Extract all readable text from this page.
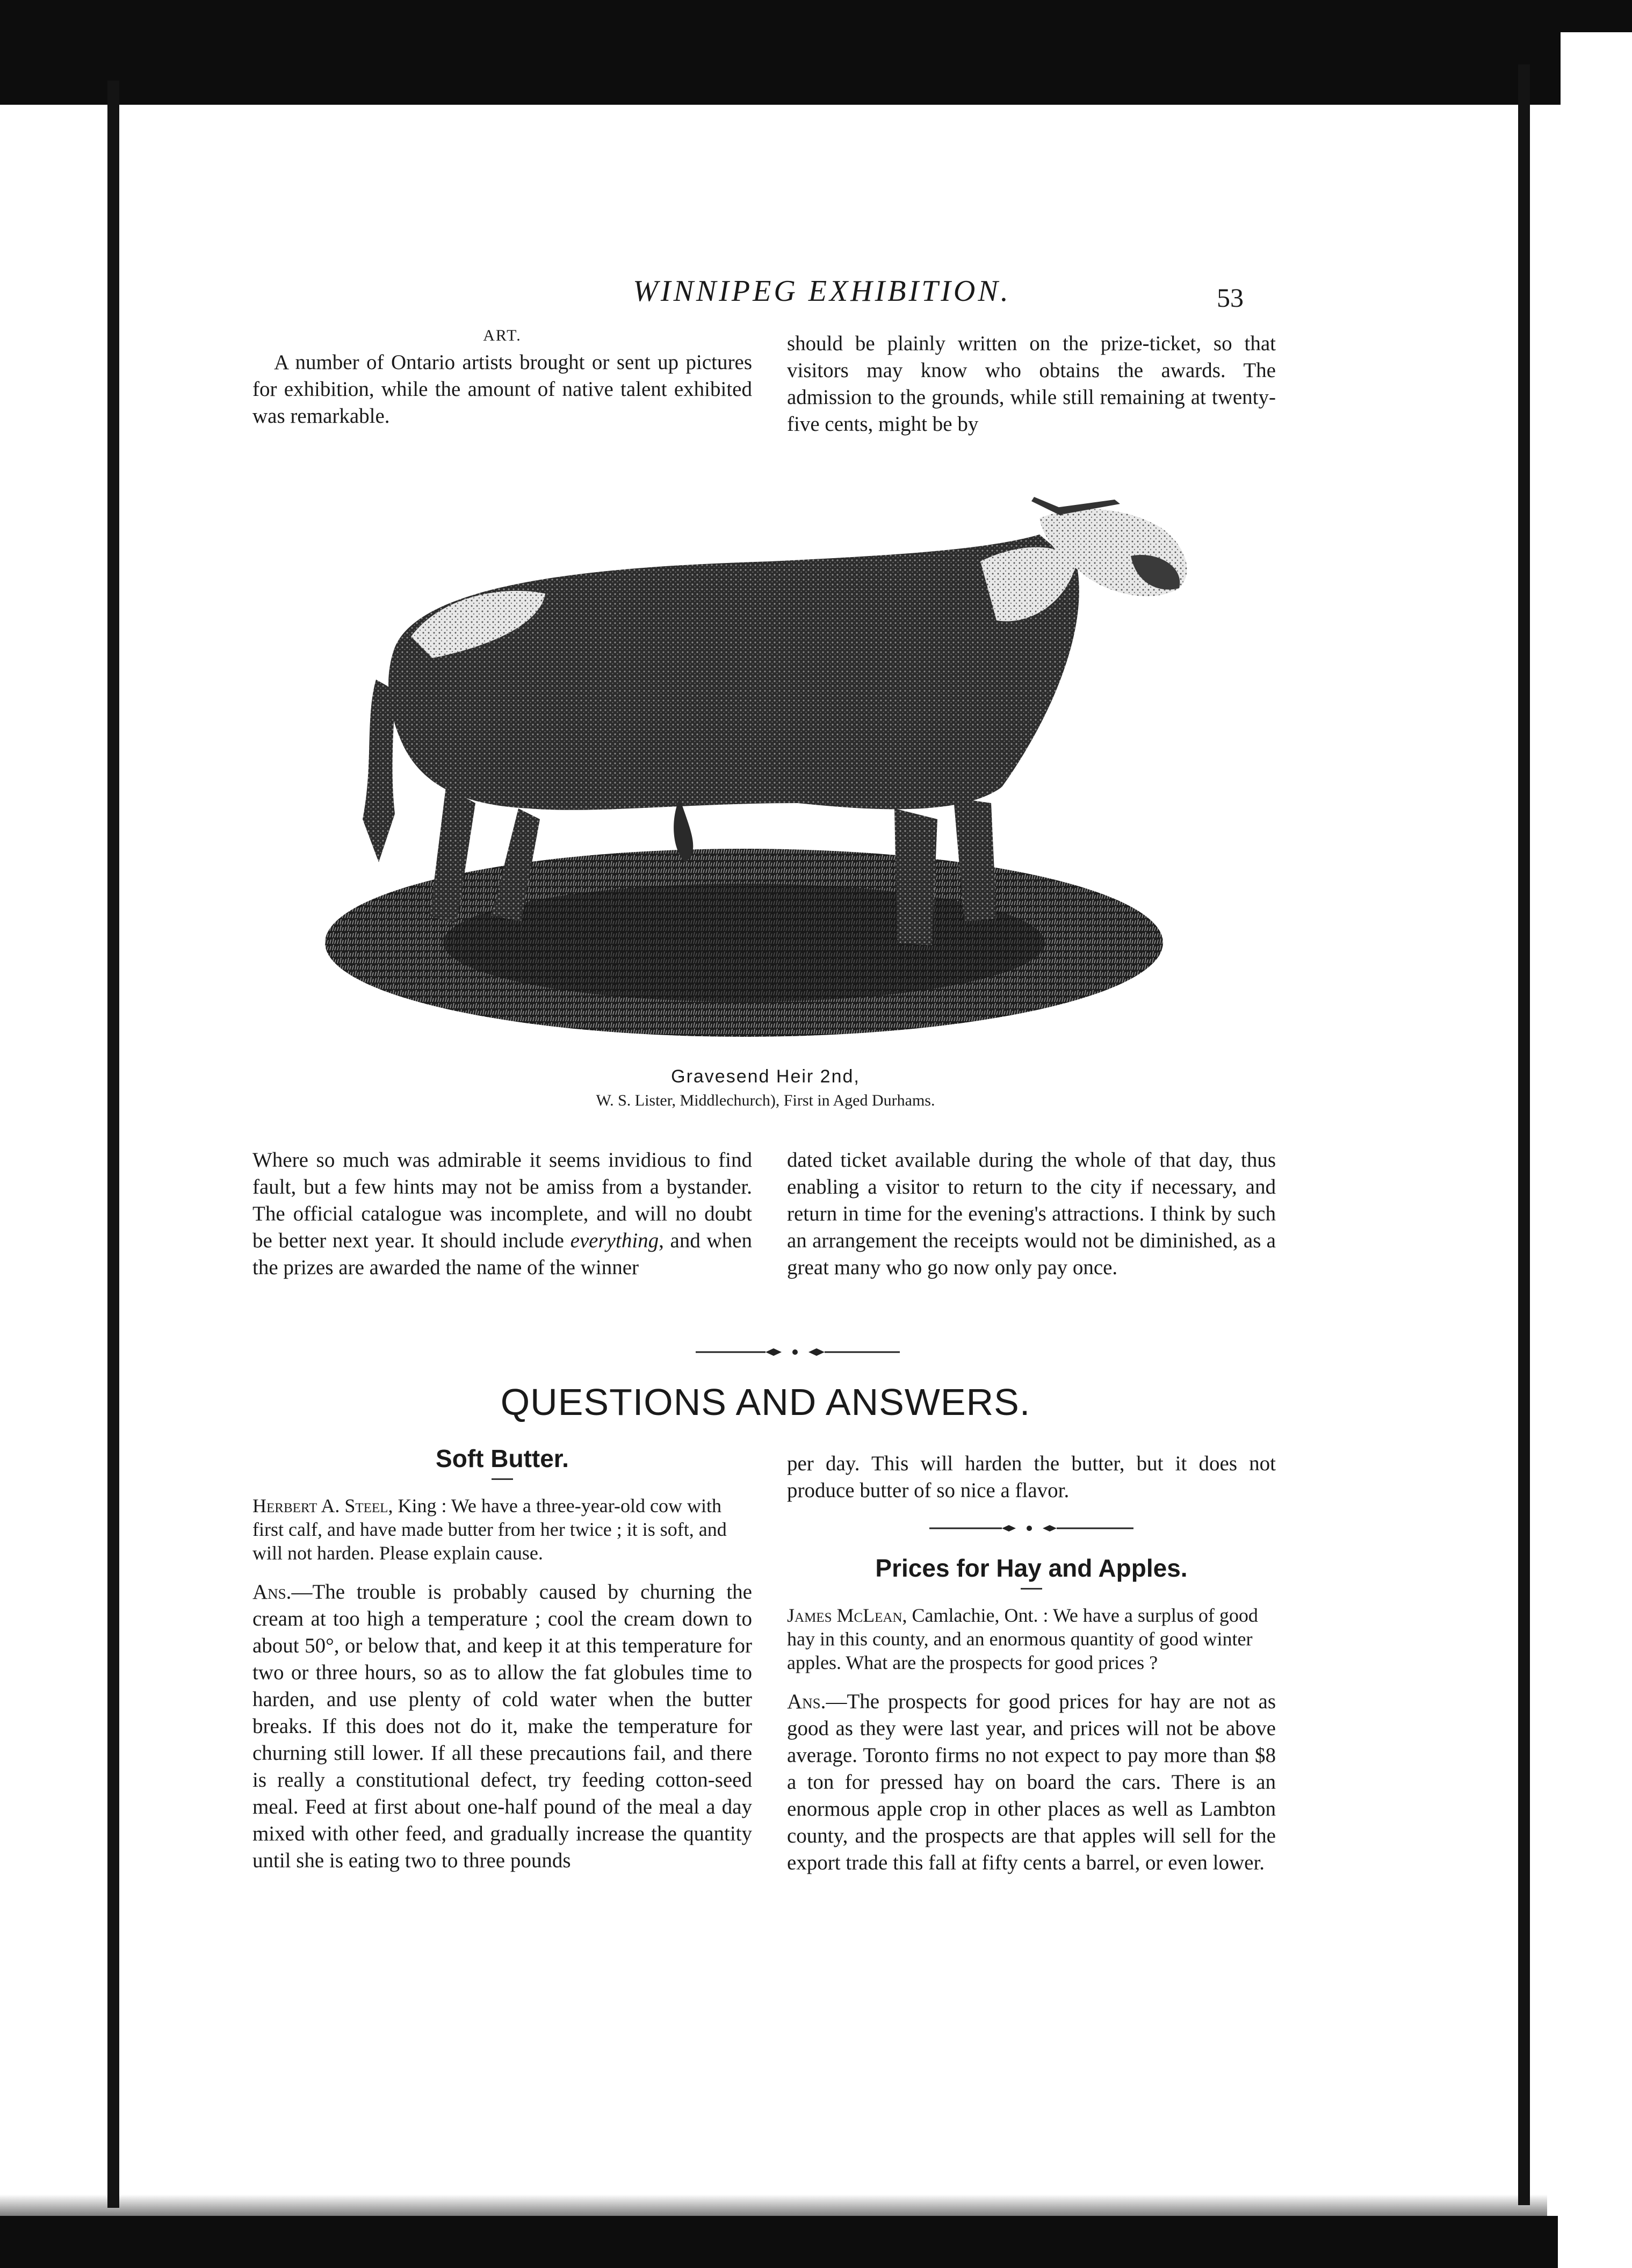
WINNIPEG EXHIBITION.	53

ART.

A number of Ontario artists brought or sent up pictures for exhibition, while the amount of native talent exhibited was remarkable.

should be plainly written on the prize-ticket, so that visitors may know who obtains the awards. The admission to the grounds, while still remaining at twenty-five cents, might be by

Gravesend Heir 2nd,
W. S. Lister, Middlechurch), First in Aged Durhams.

Where so much was admirable it seems invidious to find fault, but a few hints may not be amiss from a bystander. The official catalogue was incomplete, and will no doubt be better next year. It should include everything, and when the prizes are awarded the name of the winner

dated ticket available during the whole of that day, thus enabling a visitor to return to the city if necessary, and return in time for the evening's attractions. I think by such an arrangement the receipts would not be diminished, as a great many who go now only pay once.

QUESTIONS AND ANSWERS.

Soft Butter.

Herbert A. Steel, King : We have a three-year-old cow with first calf, and have made butter from her twice ; it is soft, and will not harden. Please explain cause.

Ans.—The trouble is probably caused by churning the cream at too high a temperature ; cool the cream down to about 50°, or below that, and keep it at this temperature for two or three hours, so as to allow the fat globules time to harden, and use plenty of cold water when the butter breaks. If this does not do it, make the temperature for churning still lower. If all these precautions fail, and there is really a constitutional defect, try feeding cotton-seed meal. Feed at first about one-half pound of the meal a day mixed with other feed, and gradually increase the quantity until she is eating two to three pounds

per day. This will harden the butter, but it does not produce butter of so nice a flavor.

Prices for Hay and Apples.

James McLean, Camlachie, Ont. : We have a surplus of good hay in this county, and an enormous quantity of good winter apples. What are the prospects for good prices ?

Ans.—The prospects for good prices for hay are not as good as they were last year, and prices will not be above average. Toronto firms no not expect to pay more than $8 a ton for pressed hay on board the cars. There is an enormous apple crop in other places as well as Lambton county, and the prospects are that apples will sell for the export trade this fall at fifty cents a barrel, or even lower.
